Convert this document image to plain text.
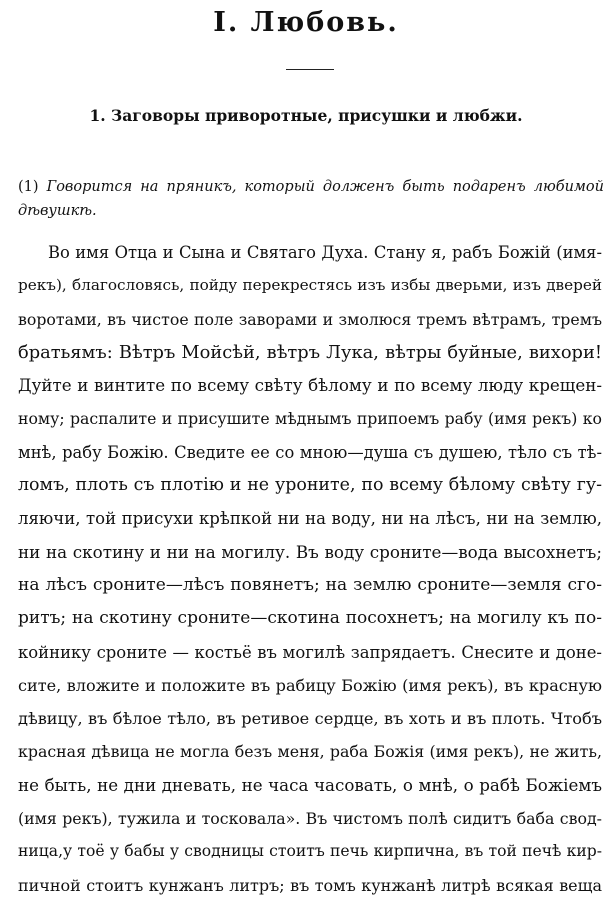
I. Любовь.
1. Заговоры приворотные, присушки и любжи.
(1) Говорится на пряникъ, который долженъ быть подаренъ любимой дѣвушкѣ.
Во имя Отца и Сына и Святаго Духа. Стану я, рабъ Божій (имя-
рекъ), благословясь, пойду перекрестясь изъ избы дверьми, изъ дверей
воротами, въ чистое поле заворами и змолюся тремъ вѣтрамъ, тремъ
братьямъ: Вѣтръ Мойсѣй, вѣтръ Лука, вѣтры буйные, вихори!
Дуйте и винтите по всему свѣту бѣлому и по всему люду крещен-
ному; распалите и присушите мѣднымъ припоемъ рабу (имя рекъ) ко
мнѣ, рабу Божію. Сведите ее со мною—душа съ душею, тѣло съ тѣ-
ломъ, плоть съ плотію и не уроните, по всему бѣлому свѣту гу-
ляючи, той присухи крѣпкой ни на воду, ни на лѣсъ, ни на землю,
ни на скотину и ни на могилу. Въ воду сроните—вода высохнетъ;
на лѣсъ сроните—лѣсъ повянетъ; на землю сроните—земля сго-
ритъ; на скотину сроните—скотина посохнетъ; на могилу къ по-
койнику сроните — костьё въ могилѣ запрядаетъ. Снесите и доне-
сите, вложите и положите въ рабицу Божію (имя рекъ), въ красную
дѣвицу, въ бѣлое тѣло, въ ретивое сердце, въ хоть и въ плоть. Чтобъ
красная дѣвица не могла безъ меня, раба Божія (имя рекъ), не жить,
не быть, не дни дневать, не часа часовать, о мнѣ, о рабѣ Божіемъ
(имя рекъ), тужила и тосковала». Въ чистомъ полѣ сидитъ баба свод-
ница,у тоё у бабы у сводницы стоитъ печь кирпична, въ той печѣ кир-
пичной стоитъ кунжанъ литръ; въ томъ кунжанѣ литрѣ всякая веща
